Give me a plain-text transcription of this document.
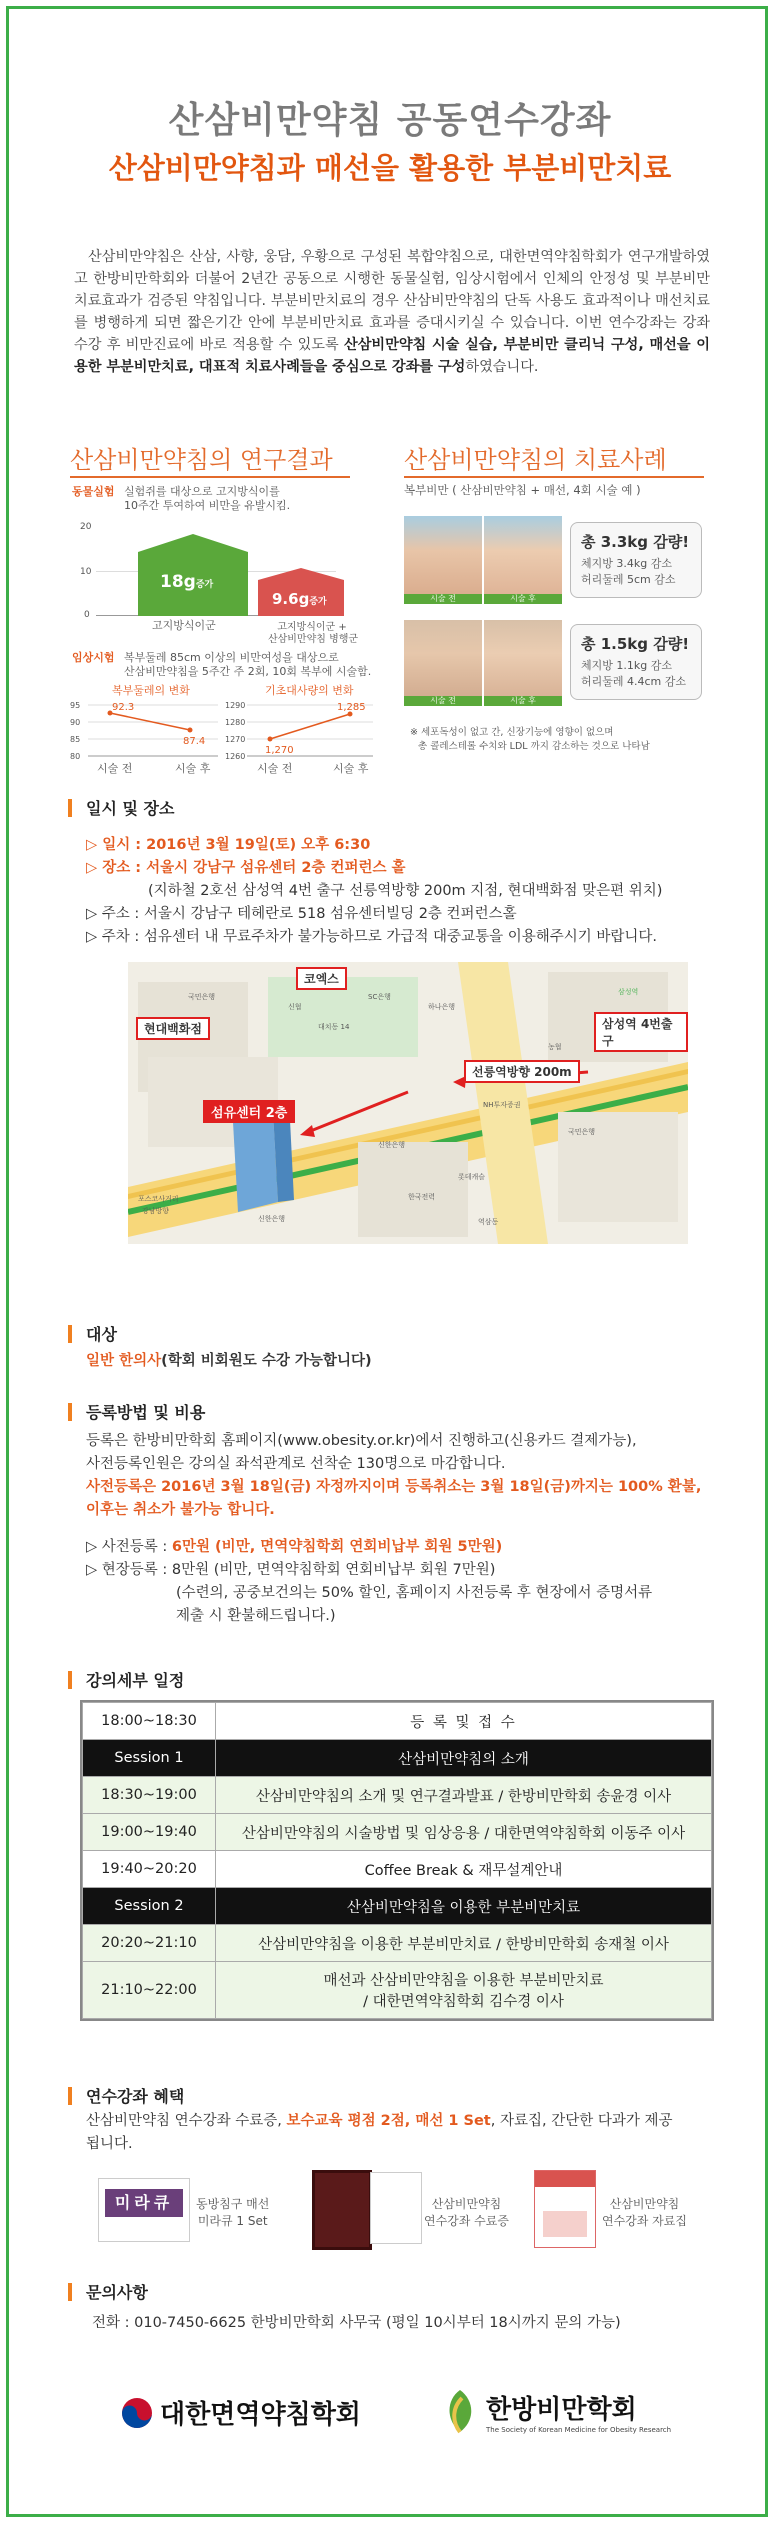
산삼비만약침 공동연수강좌
산삼비만약침과 매선을 활용한 부분비만치료
산삼비만약침은 산삼, 사향, 웅담, 우황으로 구성된 복합약침으로, 대한면역약침학회가 연구개발하였고 한방비만학회와 더불어 2년간 공동으로 시행한 동물실험, 임상시험에서 인체의 안정성 및 부분비만치료효과가 검증된 약침입니다. 부분비만치료의 경우 산삼비만약침의 단독 사용도 효과적이나 매선치료를 병행하게 되면 짧은기간 안에 부분비만치료 효과를 증대시키실 수 있습니다. 이번 연수강좌는 강좌 수강 후 비만진료에 바로 적용할 수 있도록 산삼비만약침 시술 실습, 부분비만 클리닉 구성, 매선을 이용한 부분비만치료, 대표적 치료사례들을 중심으로 강좌를 구성하였습니다.
산삼비만약침의 연구결과
동물실험 실험쥐를 대상으로 고지방식이를
10주간 투여하여 비만을 유발시킴.
20
10
0
18g증가
9.6g증가
고지방식이군	고지방식이군 +
산삼비만약침 병행군
임상시험 복부둘레 85cm 이상의 비만여성을 대상으로
산삼비만약침을 5주간 주 2회, 10회 복부에 시술함.
복부둘레의 변화	기초대사량의 변화
95
90
85
80
92.3
87.4
1290
1280
1270
1260
1,270
1,285
시술 전	시술 후	시술 전	시술 후
산삼비만약침의 치료사례
복부비만 ( 산삼비만약침 + 매선, 4회 시술 예 )
시술 전	시술 후
총 3.3kg 감량!
체지방 3.4kg 감소
허리둘레 5cm 감소
시술 전	시술 후
총 1.5kg 감량!
체지방 1.1kg 감소
허리둘레 4.4cm 감소
※ 세포독성이 없고 간, 신장기능에 영향이 없으며
총 콜레스테롤 수치와 LDL 까지 감소하는 것으로 나타남
일시 및 장소
▷ 일시 : 2016년 3월 19일(토) 오후 6:30
▷ 장소 : 서울시 강남구 섬유센터 2층 컨퍼런스 홀
(지하철 2호선 삼성역 4번 출구 선릉역방향 200m 지점, 현대백화점 맞은편 위치)
▷ 주소 : 서울시 강남구 테헤란로 518 섬유센터빌딩 2층 컨퍼런스홀
▷ 주차 : 섬유센터 내 무료주차가 불가능하므로 가급적 대중교통을 이용해주시기 바랍니다.
코엑스
현대백화점	삼성역 4번출구
선릉역방향 200m
섬유센터 2층
국민은행
신협
대치동 14
SC은행
하나은행
농협
삼성역
NH투자증권
신한은행
국민은행
신한은행
포스코사거리
강남방향
롯데캐슬
한국전력
역삼동
대상
일반 한의사(학회 비회원도 수강 가능합니다)
등록방법 및 비용
등록은 한방비만학회 홈페이지(www.obesity.or.kr)에서 진행하고(신용카드 결제가능),
사전등록인원은 강의실 좌석관계로 선착순 130명으로 마감합니다.
사전등록은 2016년 3월 18일(금) 자정까지이며 등록취소는 3월 18일(금)까지는 100% 환불,
이후는 취소가 불가능 합니다.
▷ 사전등록 : 6만원 (비만, 면역약침학회 연회비납부 회원 5만원)
▷ 현장등록 : 8만원 (비만, 면역약침학회 연회비납부 회원 7만원)
(수련의, 공중보건의는 50% 할인, 홈페이지 사전등록 후 현장에서 증명서류
제출 시 환불해드립니다.)
강의세부 일정
18:00~18:30	등 록 및 접 수
Session 1	산삼비만약침의 소개
18:30~19:00	산삼비만약침의 소개 및 연구결과발표 / 한방비만학회 송윤경 이사
19:00~19:40	산삼비만약침의 시술방법 및 임상응용 / 대한면역약침학회 이동주 이사
19:40~20:20	Coffee Break & 재무설계안내
Session 2	산삼비만약침을 이용한 부분비만치료
20:20~21:10	산삼비만약침을 이용한 부분비만치료 / 한방비만학회 송재철 이사
21:10~22:00	매선과 산삼비만약침을 이용한 부분비만치료
/ 대한면역약침학회 김수경 이사
연수강좌 혜택
산삼비만약침 연수강좌 수료증, 보수교육 평점 2점, 매선 1 Set, 자료집, 간단한 다과가 제공
됩니다.
미라큐	동방침구 매선
미라큐 1 Set
산삼비만약침
연수강좌 수료증
산삼비만약침
연수강좌 자료집
문의사항
전화 : 010-7450-6625 한방비만학회 사무국 (평일 10시부터 18시까지 문의 가능)
대한면역약침학회	한방비만학회
The Society of Korean Medicine for Obesity Research
